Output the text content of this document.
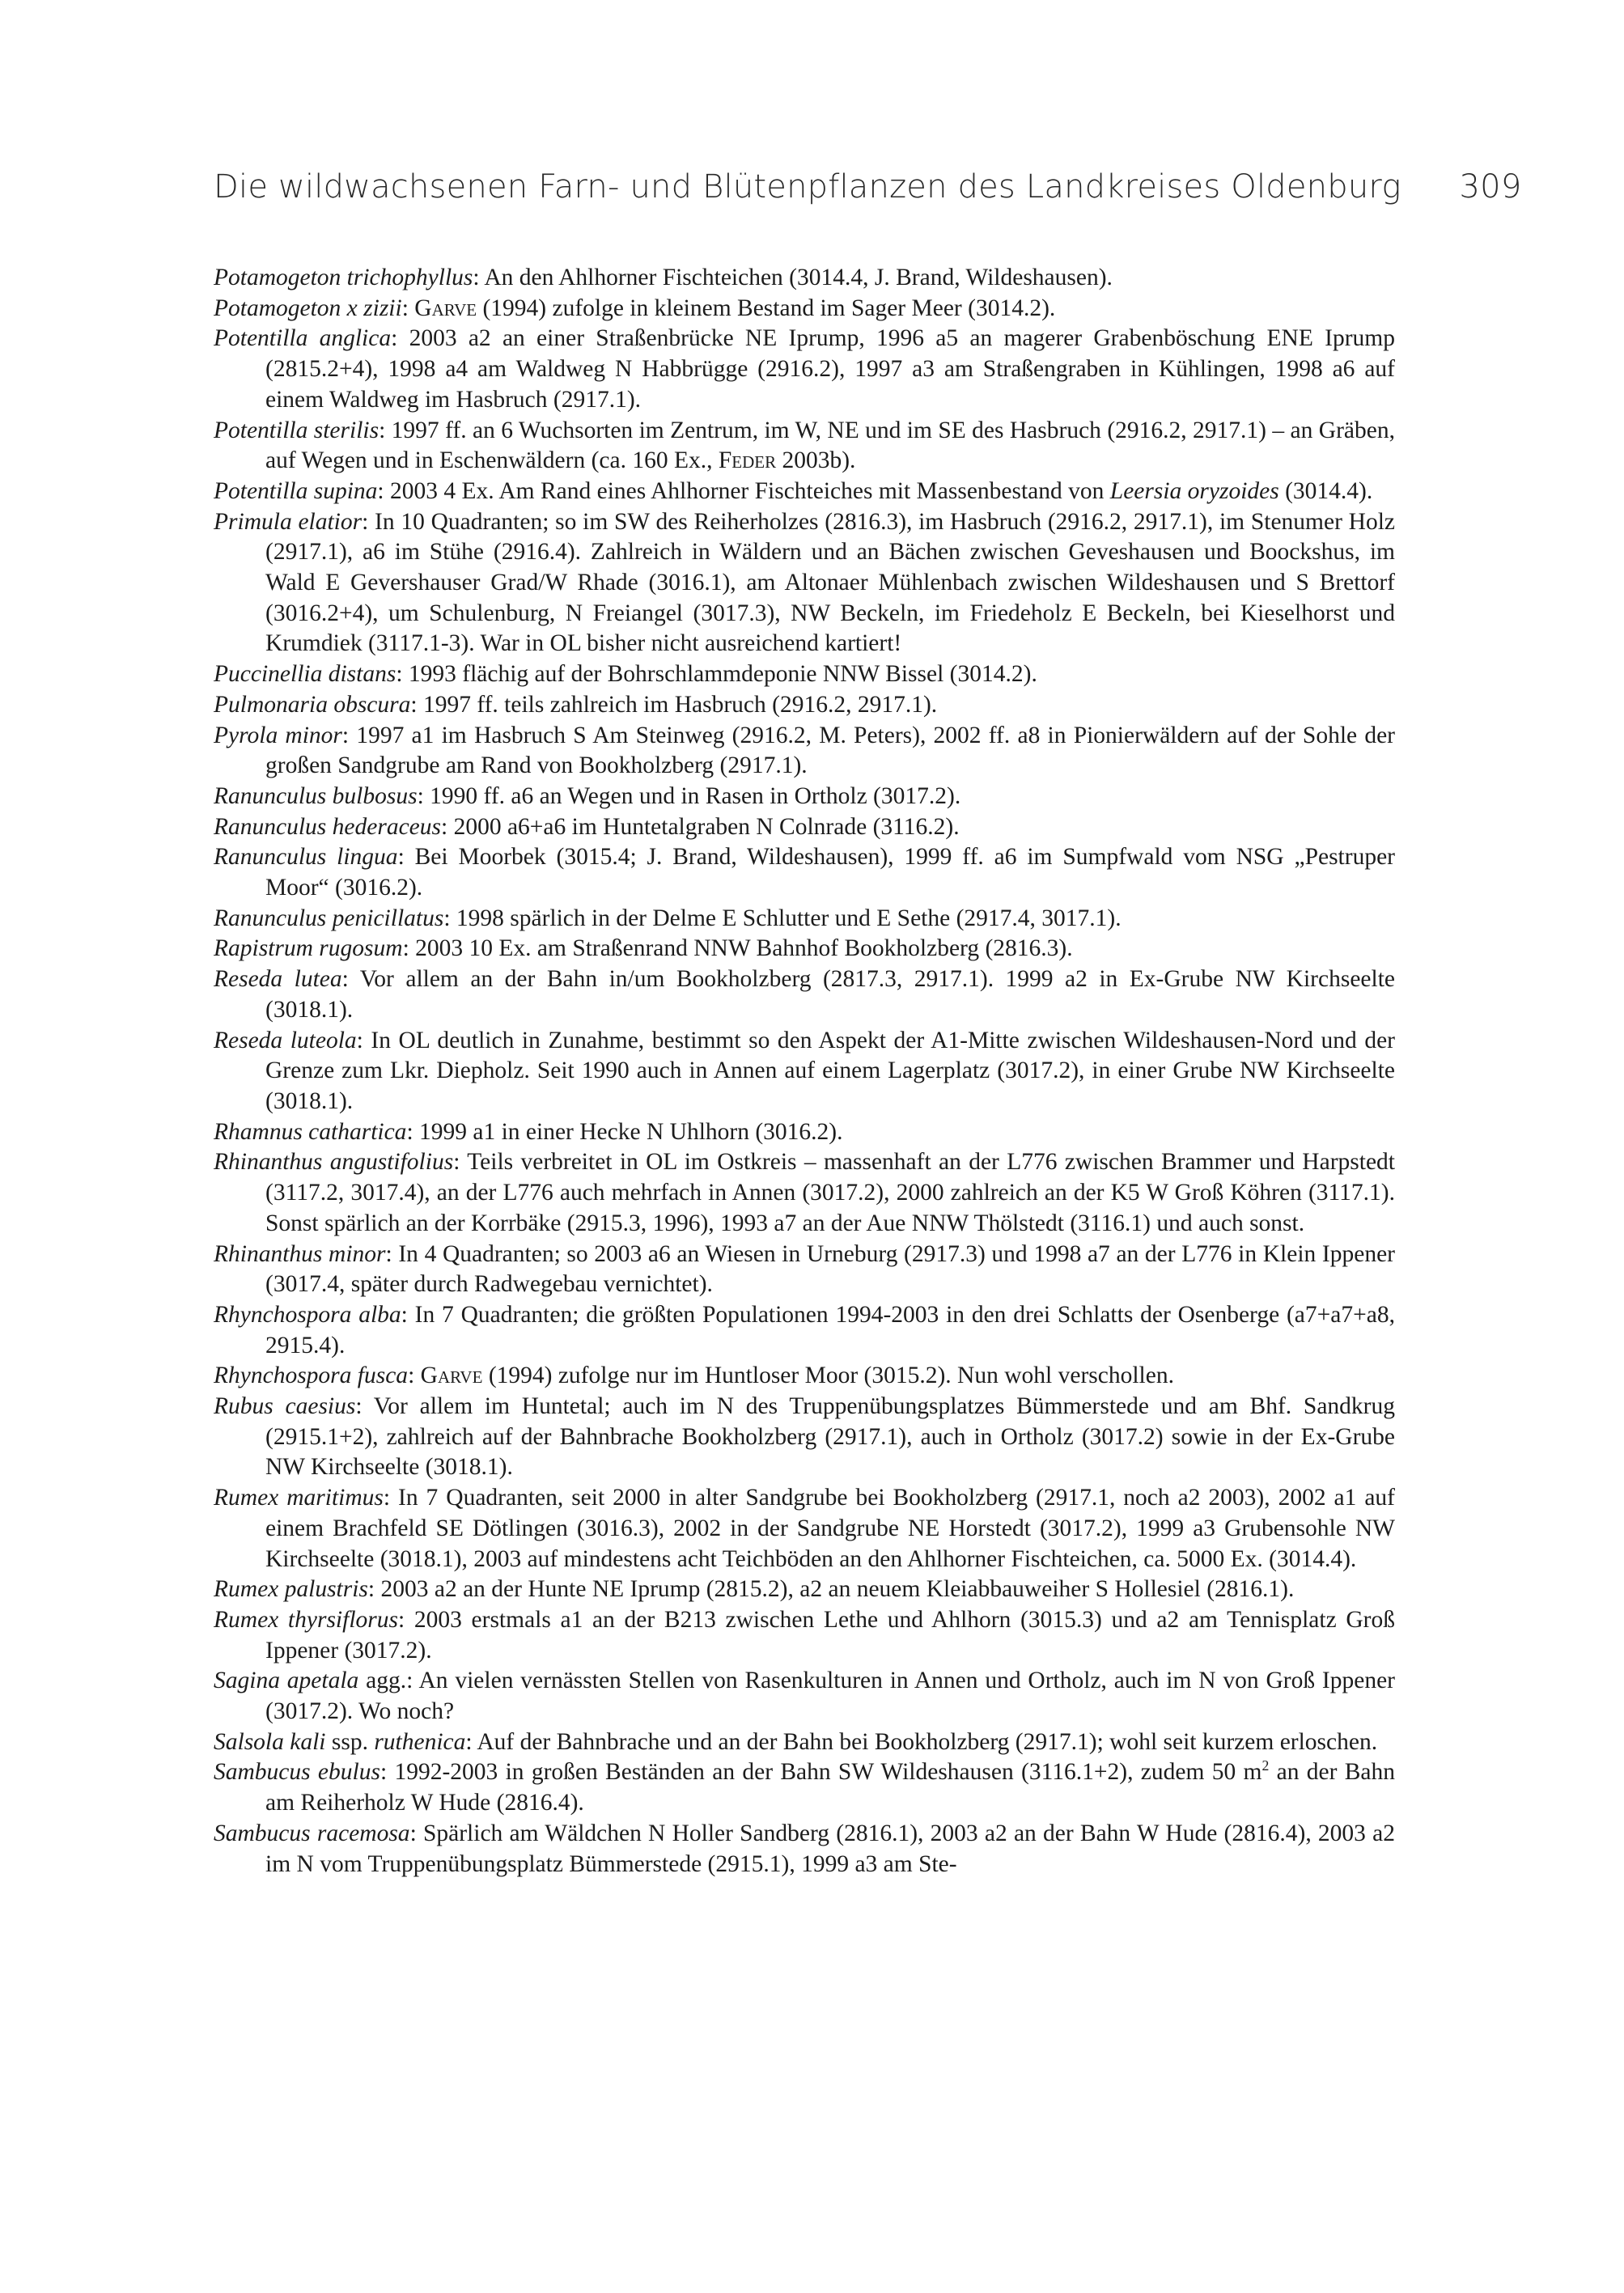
Die wildwachsenen Farn- und Blütenpflanzen des Landkreises Oldenburg 309
Potamogeton trichophyllus: An den Ahlhorner Fischteichen (3014.4, J. Brand, Wildeshausen).
Potamogeton x zizii: Garve (1994) zufolge in kleinem Bestand im Sager Meer (3014.2).
Potentilla anglica: 2003 a2 an einer Straßenbrücke NE Iprump, 1996 a5 an magerer Grabenböschung ENE Iprump (2815.2+4), 1998 a4 am Waldweg N Habbrügge (2916.2), 1997 a3 am Straßengraben in Kühlingen, 1998 a6 auf einem Waldweg im Hasbruch (2917.1).
Potentilla sterilis: 1997 ff. an 6 Wuchsorten im Zentrum, im W, NE und im SE des Hasbruch (2916.2, 2917.1) – an Gräben, auf Wegen und in Eschenwäldern (ca. 160 Ex., Feder 2003b).
Potentilla supina: 2003 4 Ex. Am Rand eines Ahlhorner Fischteiches mit Massenbestand von Leersia oryzoides (3014.4).
Primula elatior: In 10 Quadranten; so im SW des Reiherholzes (2816.3), im Hasbruch (2916.2, 2917.1), im Stenumer Holz (2917.1), a6 im Stühe (2916.4). Zahlreich in Wäldern und an Bächen zwischen Geveshausen und Boockshus, im Wald E Gevershauser Grad/W Rhade (3016.1), am Altonaer Mühlenbach zwischen Wildeshausen und S Brettorf (3016.2+4), um Schulenburg, N Freiangel (3017.3), NW Beckeln, im Friedeholz E Beckeln, bei Kieselhorst und Krumdiek (3117.1-3). War in OL bisher nicht ausreichend kartiert!
Puccinellia distans: 1993 flächig auf der Bohrschlammdeponie NNW Bissel (3014.2).
Pulmonaria obscura: 1997 ff. teils zahlreich im Hasbruch (2916.2, 2917.1).
Pyrola minor: 1997 a1 im Hasbruch S Am Steinweg (2916.2, M. Peters), 2002 ff. a8 in Pionierwäldern auf der Sohle der großen Sandgrube am Rand von Bookholzberg (2917.1).
Ranunculus bulbosus: 1990 ff. a6 an Wegen und in Rasen in Ortholz (3017.2).
Ranunculus hederaceus: 2000 a6+a6 im Huntetalgraben N Colnrade (3116.2).
Ranunculus lingua: Bei Moorbek (3015.4; J. Brand, Wildeshausen), 1999 ff. a6 im Sumpfwald vom NSG „Pestruper Moor“ (3016.2).
Ranunculus penicillatus: 1998 spärlich in der Delme E Schlutter und E Sethe (2917.4, 3017.1).
Rapistrum rugosum: 2003 10 Ex. am Straßenrand NNW Bahnhof Bookholzberg (2816.3).
Reseda lutea: Vor allem an der Bahn in/um Bookholzberg (2817.3, 2917.1). 1999 a2 in Ex-Grube NW Kirchseelte (3018.1).
Reseda luteola: In OL deutlich in Zunahme, bestimmt so den Aspekt der A1-Mitte zwischen Wildeshausen-Nord und der Grenze zum Lkr. Diepholz. Seit 1990 auch in Annen auf einem Lagerplatz (3017.2), in einer Grube NW Kirchseelte (3018.1).
Rhamnus cathartica: 1999 a1 in einer Hecke N Uhlhorn (3016.2).
Rhinanthus angustifolius: Teils verbreitet in OL im Ostkreis – massenhaft an der L776 zwischen Brammer und Harpstedt (3117.2, 3017.4), an der L776 auch mehrfach in Annen (3017.2), 2000 zahlreich an der K5 W Groß Köhren (3117.1). Sonst spärlich an der Korrbäke (2915.3, 1996), 1993 a7 an der Aue NNW Thölstedt (3116.1) und auch sonst.
Rhinanthus minor: In 4 Quadranten; so 2003 a6 an Wiesen in Urneburg (2917.3) und 1998 a7 an der L776 in Klein Ippener (3017.4, später durch Radwegebau vernichtet).
Rhynchospora alba: In 7 Quadranten; die größten Populationen 1994-2003 in den drei Schlatts der Osenberge (a7+a7+a8, 2915.4).
Rhynchospora fusca: Garve (1994) zufolge nur im Huntloser Moor (3015.2). Nun wohl verschollen.
Rubus caesius: Vor allem im Huntetal; auch im N des Truppenübungsplatzes Bümmerstede und am Bhf. Sandkrug (2915.1+2), zahlreich auf der Bahnbrache Bookholzberg (2917.1), auch in Ortholz (3017.2) sowie in der Ex-Grube NW Kirchseelte (3018.1).
Rumex maritimus: In 7 Quadranten, seit 2000 in alter Sandgrube bei Bookholzberg (2917.1, noch a2 2003), 2002 a1 auf einem Brachfeld SE Dötlingen (3016.3), 2002 in der Sandgrube NE Horstedt (3017.2), 1999 a3 Grubensohle NW Kirchseelte (3018.1), 2003 auf mindestens acht Teichböden an den Ahlhorner Fischteichen, ca. 5000 Ex. (3014.4).
Rumex palustris: 2003 a2 an der Hunte NE Iprump (2815.2), a2 an neuem Kleiabbauweiher S Hollesiel (2816.1).
Rumex thyrsiflorus: 2003 erstmals a1 an der B213 zwischen Lethe und Ahlhorn (3015.3) und a2 am Tennisplatz Groß Ippener (3017.2).
Sagina apetala agg.: An vielen vernässten Stellen von Rasenkulturen in Annen und Ortholz, auch im N von Groß Ippener (3017.2). Wo noch?
Salsola kali ssp. ruthenica: Auf der Bahnbrache und an der Bahn bei Bookholzberg (2917.1); wohl seit kurzem erloschen.
Sambucus ebulus: 1992-2003 in großen Beständen an der Bahn SW Wildeshausen (3116.1+2), zudem 50 $m^2$ an der Bahn am Reiherholz W Hude (2816.4).
Sambucus racemosa: Spärlich am Wäldchen N Holler Sandberg (2816.1), 2003 a2 an der Bahn W Hude (2816.4), 2003 a2 im N vom Truppenübungsplatz Bümmerstede (2915.1), 1999 a3 am Ste-
